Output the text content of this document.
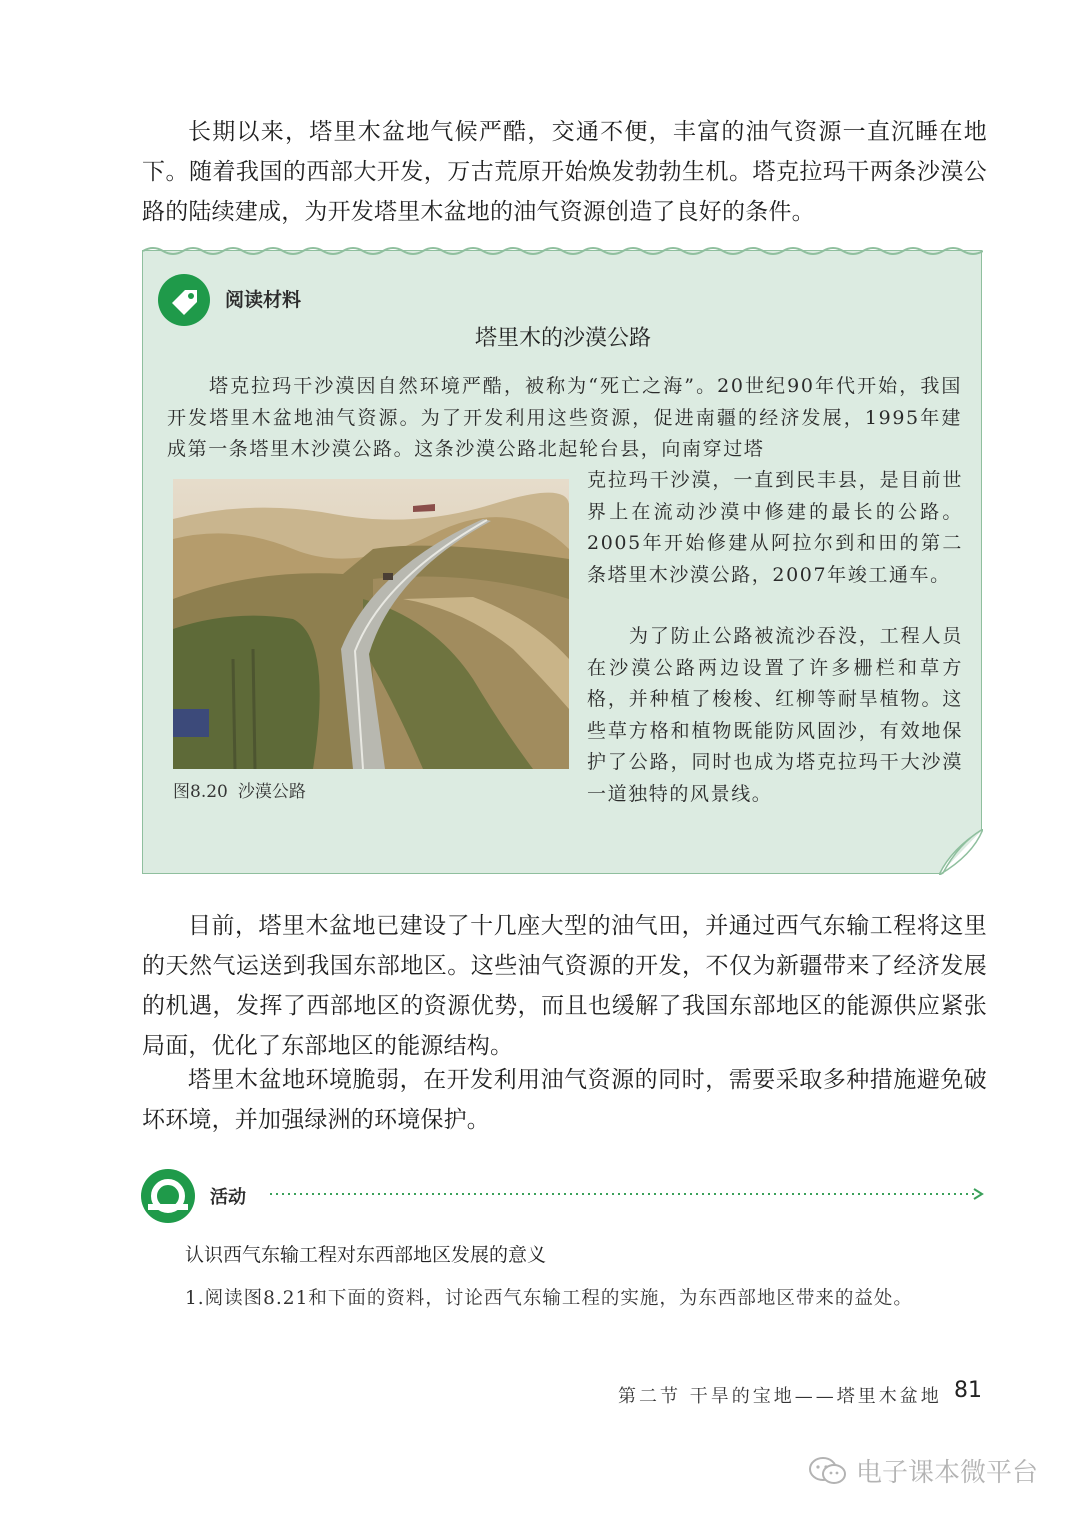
长期以来，塔里木盆地气候严酷，交通不便，丰富的油气资源一直沉睡在地下。随着我国的西部大开发，万古荒原开始焕发勃勃生机。塔克拉玛干两条沙漠公路的陆续建成，为开发塔里木盆地的油气资源创造了良好的条件。

阅读材料
塔里木的沙漠公路

塔克拉玛干沙漠因自然环境严酷，被称为“死亡之海”。20世纪90年代开始，我国开发塔里木盆地油气资源。为了开发利用这些资源，促进南疆的经济发展，1995年建成第一条塔里木沙漠公路。这条沙漠公路北起轮台县，向南穿过塔

图8.20 沙漠公路

克拉玛干沙漠，一直到民丰县，是目前世界上在流动沙漠中修建的最长的公路。2005年开始修建从阿拉尔到和田的第二条塔里木沙漠公路，2007年竣工通车。

为了防止公路被流沙吞没，工程人员在沙漠公路两边设置了许多栅栏和草方格，并种植了梭梭、红柳等耐旱植物。这些草方格和植物既能防风固沙，有效地保护了公路，同时也成为塔克拉玛干大沙漠一道独特的风景线。

目前，塔里木盆地已建设了十几座大型的油气田，并通过西气东输工程将这里的天然气运送到我国东部地区。这些油气资源的开发，不仅为新疆带来了经济发展的机遇，发挥了西部地区的资源优势，而且也缓解了我国东部地区的能源供应紧张局面，优化了东部地区的能源结构。

塔里木盆地环境脆弱，在开发利用油气资源的同时，需要采取多种措施避免破坏环境，并加强绿洲的环境保护。

活动
认识西气东输工程对东西部地区发展的意义
1.阅读图8.21和下面的资料，讨论西气东输工程的实施，为东西部地区带来的益处。
第二节 干旱的宝地——塔里木盆地 81
电子课本微平台
